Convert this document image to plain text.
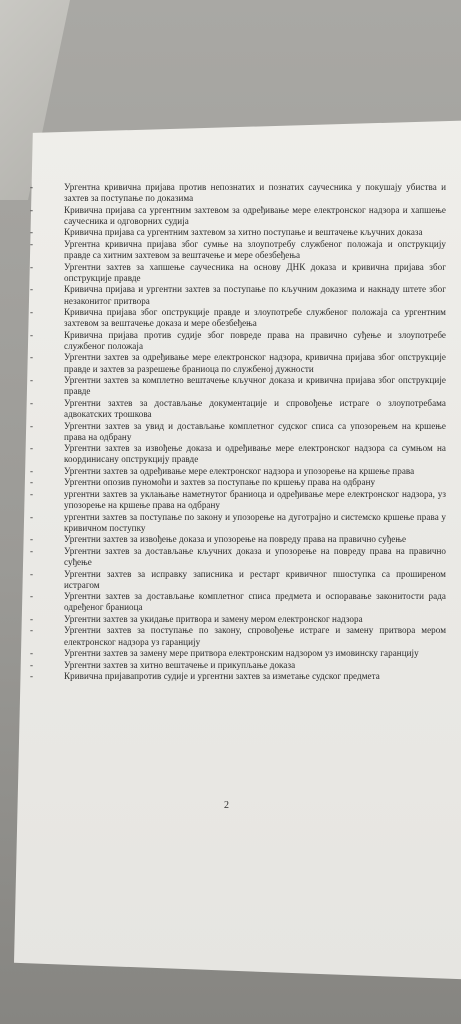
-	Ургентна кривична пријава против непознатих и познатих саучесника у покушају убиства и захтев за поступање по доказима
-	Кривична пријава са ургентним захтевом за одређивање мере електронског надзора и хапшење саучесника и одговорних судија
-	Кривична пријава са ургентним захтевом за хитно поступање и вештачење кључних доказа
-	Ургентна кривична пријава због сумње на злоупотребу службеног положаја и опструкцију правде са хитним захтевом за вештачење и мере обезбеђења
-	Ургентни захтев за хапшење саучесника на основу ДНК доказа и кривична пријава због опструкције правде
-	Кривична пријава и ургентни захтев за поступање по кључним доказима и накнаду штете због незаконитог притвора
-	Кривична пријава због опструкције правде и злоупотребе службеног положаја са ургентним захтевом за вештачење доказа и мере обезбеђења
-	Кривична пријава против судије због повреде права на правично суђење и злоупотребе службеног положаја
-	Ургентни захтев за одређивање мере електронског надзора, кривична пријава због опструкције правде и захтев за разрешење браниоца по службеној дужности
-	Ургентни захтев за комплетно вештачење кључног доказа и кривична пријава због опструкције правде
-	Ургентни захтев за достављање документације и спровођење истраге о злоупотребама адвокатских трошкова
-	Ургентни захтев за увид и достављање комплетног судског списа са упозорењем на кршење права на одбрану
-	Ургентни захтев за извођење доказа и одређивање мере електронског надзора са сумњом на координисану опструкцију правде
-	Ургентни захтев за одређивање мере електронског надзора и упозорење на кршење права
-	Ургентни опозив пуномоћи и захтев за поступање по кршењу права на одбрану
-	ургентни захтев за уклањање наметнутог браниоца и одређивање мере електронског надзора, уз упозорење на кршење права на одбрану
-	ургентни захтев за поступање по закону и упозорење на дуготрајно и системско кршење права у кривичном поступку
-	Ургентни захтев за извођење доказа и упозорење на повреду права на правично суђење
-	Ургентни захтев за достављање кључних доказа и упозорење на повреду права на правично суђење
-	Ургентни захтев за исправку записника и рестарт кривичног пшоступка са проширеном истрагом
-	Ургентни захтев за достављање комплетног списа предмета и оспоравање законитости рада одређеног браниоца
-	Ургентни захтев за укидање притвора и замену мером електронског надзора
-	Ургентни захтев за поступање по закону, спровођење истраге и замену притвора мером електронског надзора уз гаранцију
-	Ургентни захтев за замену мере притвора електронским надзором уз имовинску гаранцију
-	Ургентни захтев за хитно вештачење и прикупљање доказа
-	Кривична пријавапротив судије и ургентни захтев за изметање судског предмета
2
